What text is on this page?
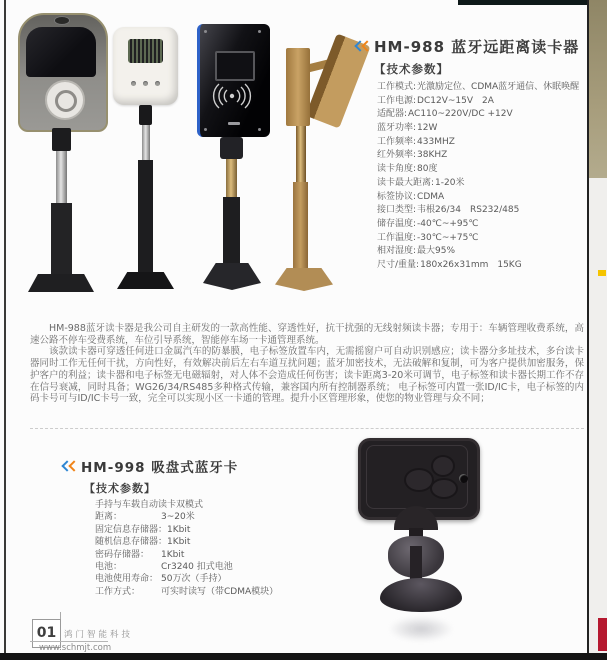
HM-988 蓝牙远距离读卡器
【技术参数】
工作模式:光激励定位、CDMA蓝牙通信、休眠唤醒
工作电源:DC12V~15V　2A
适配器:AC110~220V/DC +12V
蓝牙功率:12W
工作频率:433MHZ
红外频率:38KHZ
读卡角度:80度
读卡最大距离:1-20米
标签协议:CDMA
接口类型:韦根26/34　RS232/485
储存温度:-40℃~+95℃
工作温度:-30℃~+75℃
相对湿度:最大95%
尺寸/重量:180x26x31mm　15KG

HM-988蓝牙读卡器是我公司自主研发的一款高性能、穿透性好，抗干扰强的无线射频读卡器；专用于：车辆管理收费系统，高速公路不停车受费系统，车位引导系统，智能停车场一卡通管理系统。

该款读卡器可穿透任何进口金属汽车的防暴膜，电子标签放置车内，无需摇窗户可自动识别感应；读卡器分多址技术，多台读卡器同时工作无任何干扰，方向性好，有效解决前后左右车道互扰问题；蓝牙加密技术，无法破解和复制，可为客户提供加密服务，保护客户的利益；读卡器和电子标签无电磁辐射，对人体不会造成任何伤害；读卡距离3-20米可调节，电子标签和读卡器长期工作不存在信号衰减，同时具备；WG26/34/RS485多种格式传输，兼容国内所有控制器系统； 电子标签可内置一张ID/IC卡，电子标签的内码卡号可与ID/IC卡号一致，完全可以实现小区一卡通的管理。提升小区管理形象，使您的物业管理与众不同；

HM-998 吸盘式蓝牙卡
【技术参数】
手持与车载自动读卡双模式
距离：	3~20米
固定信息存储器：1Kbit
随机信息存储器：1Kbit
密码存储器： 1Kbit
电池：	Cr3240 扣式电池
电池使用寿命： 50万次（手持）
工作方式： 可实时读写（带CDMA模块）
01 鸿门智能科技
www.schmjt.com
